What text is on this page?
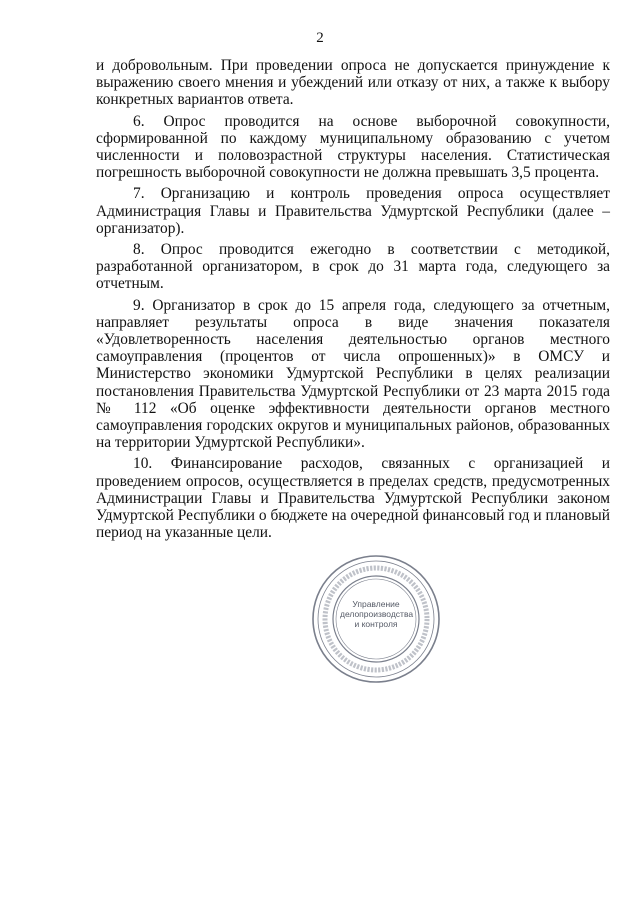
2

и добровольным. При проведении опроса не допускается принуждение к выражению своего мнения и убеждений или отказу от них, а также к выбору конкретных вариантов ответа.

6. Опрос проводится на основе выборочной совокупности, сформированной по каждому муниципальному образованию с учетом численности и половозрастной структуры населения. Статистическая погрешность выборочной совокупности не должна превышать 3,5 процента.

7. Организацию и контроль проведения опроса осуществляет Администрация Главы и Правительства Удмуртской Республики (далее – организатор).

8. Опрос проводится ежегодно в соответствии с методикой, разработанной организатором, в срок до 31 марта года, следующего за отчетным.

9. Организатор в срок до 15 апреля года, следующего за отчетным, направляет результаты опроса в виде значения показателя «Удовлетворенность населения деятельностью органов местного самоуправления (процентов от числа опрошенных)» в ОМСУ и Министерство экономики Удмуртской Республики в целях реализации постановления Правительства Удмуртской Республики от 23 марта 2015 года № 112 «Об оценке эффективности деятельности органов местного самоуправления городских округов и муниципальных районов, образованных на территории Удмуртской Республики».

10. Финансирование расходов, связанных с организацией и проведением опросов, осуществляется в пределах средств, предусмотренных Администрации Главы и Правительства Удмуртской Республики законом Удмуртской Республики о бюджете на очередной финансовый год и плановый период на указанные цели.

Управление делопроизводства и контроля
